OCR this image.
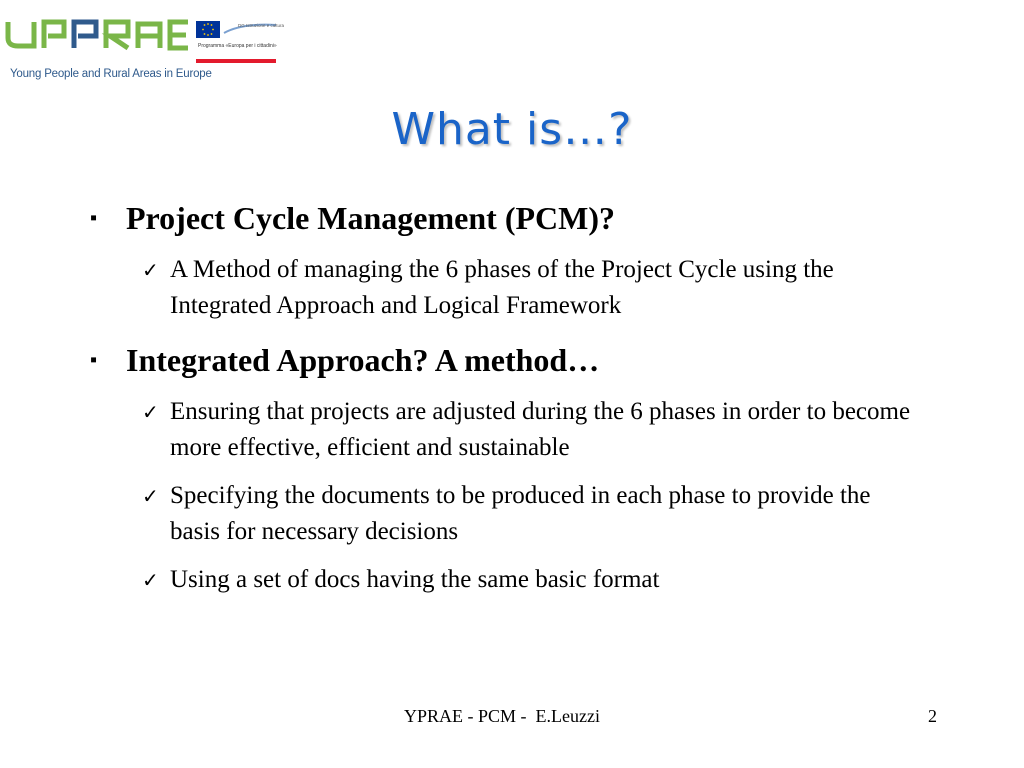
Young People and Rural Areas in Europe
DG Istruzione e cultura
Programma «Europa per i cittadini»
What is…?
▪ Project Cycle Management (PCM)?
✓ A Method of managing the 6 phases of the Project Cycle using the Integrated Approach and Logical Framework
▪ Integrated Approach? A method…
✓ Ensuring that projects are adjusted during the 6 phases in order to become more effective, efficient and sustainable
✓ Specifying the documents to be produced in each phase to provide the basis for necessary decisions
✓ Using a set of docs having the same basic format
YPRAE - PCM -  E.Leuzzi	2
